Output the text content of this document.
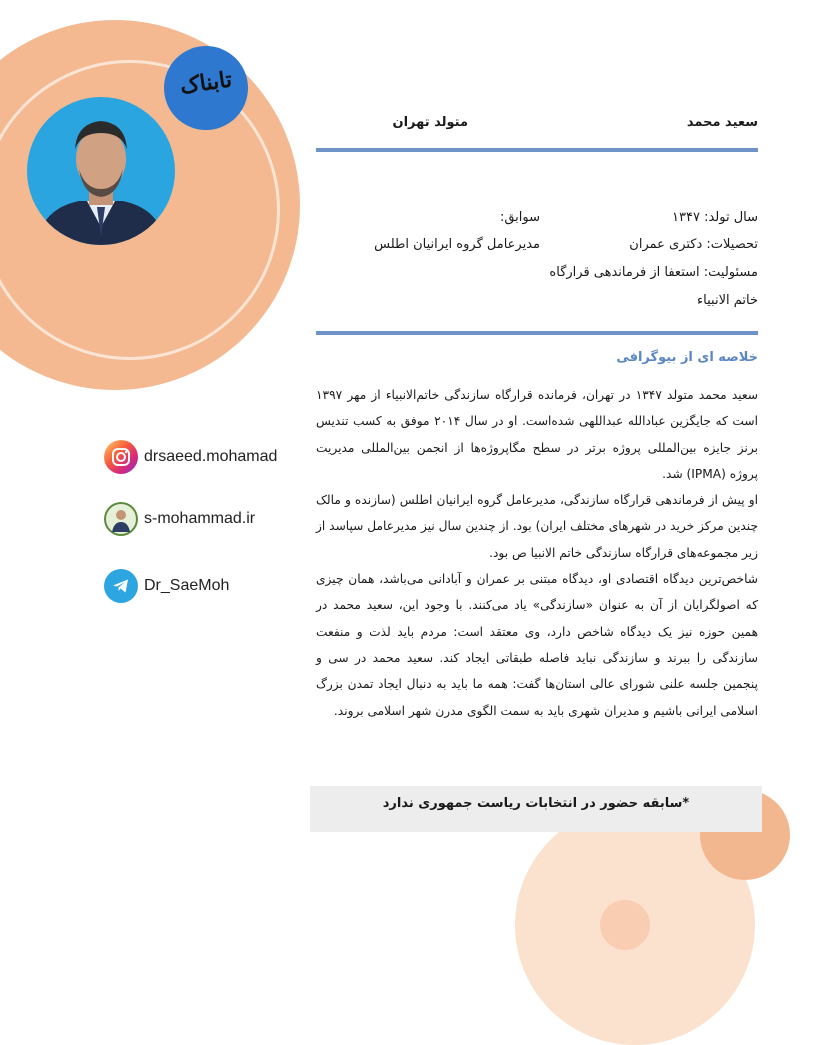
تابناک
سعید محمد
متولد تهران
سال تولد: ۱۳۴۷
سوابق:
تحصیلات: دکتری عمران
مدیرعامل گروه ایرانیان اطلس
مسئولیت: استعفا از فرماندهی قرارگاه
خاتم الانبیاء
خلاصه ای از بیوگرافی

سعید محمد متولد ۱۳۴۷ در تهران، فرمانده قرارگاه سازندگی خاتم‌الانبیاء از مهر ۱۳۹۷ است که جایگزین عبادالله عبداللهی شده‌است. او در سال ۲۰۱۴ موفق به کسب تندیس برنز جایزه بین‌المللی پروژه برتر در سطح مگاپروژه‌ها از انجمن بین‌المللی مدیریت پروژه (IPMA) شد.

او پیش از فرماندهی قرارگاه سازندگی، مدیرعامل گروه ایرانیان اطلس (سازنده و مالک چندین مرکز خرید در شهرهای مختلف ایران) بود. از چندین سال نیز مدیرعامل سپاسد از زیر مجموعه‌های قرارگاه سازندگی خاتم الانبیا ص بود.

شاخص‌ترین دیدگاه اقتصادی او، دیدگاه مبتنی بر عمران و آبادانی می‌باشد، همان چیزی که اصولگرایان از آن به عنوان «سازندگی» یاد می‌کنند. با وجود این، سعید محمد در همین حوزه نیز یک دیدگاه شاخص دارد، وی معتقد است: مردم باید لذت و منفعت سازندگی را ببرند و سازندگی نباید فاصله طبقاتی ایجاد کند. سعید محمد در سی و پنجمین جلسه علنی شورای عالی استان‌ها گفت: همه ما باید به دنبال ایجاد تمدن بزرگ اسلامی ایرانی باشیم و مدیران شهری باید به سمت الگوی مدرن شهر اسلامی بروند.

*سابقه حضور در انتخابات ریاست جمهوری ندارد
drsaeed.mohamad
s-mohammad.ir
Dr_SaeMoh
